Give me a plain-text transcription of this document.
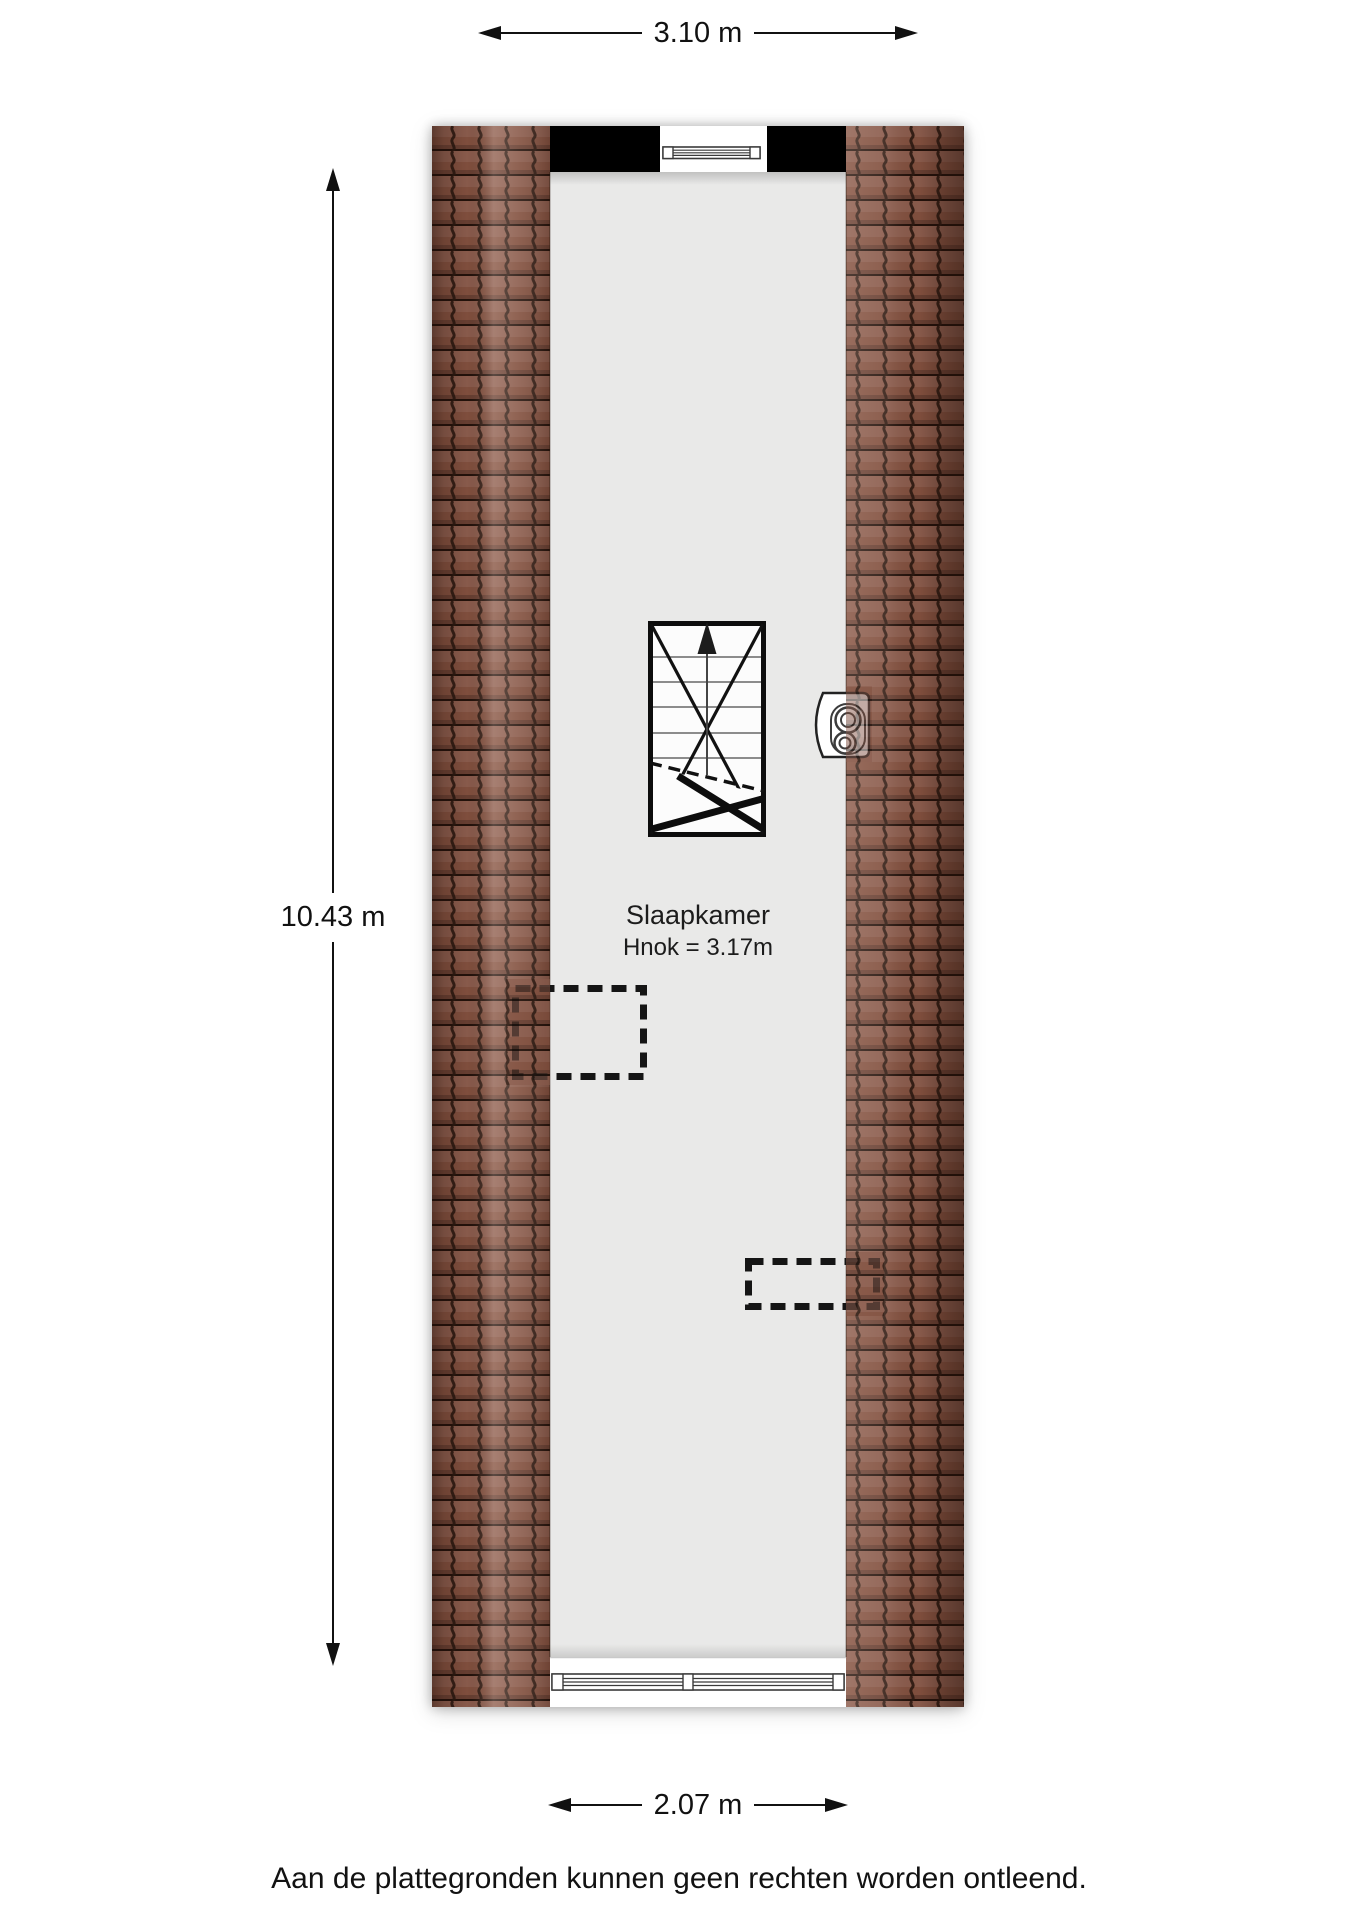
3.10 m
10.43 m
2.07 m
Slaapkamer
Hnok = 3.17m
Aan de plattegronden kunnen geen rechten worden ontleend.
